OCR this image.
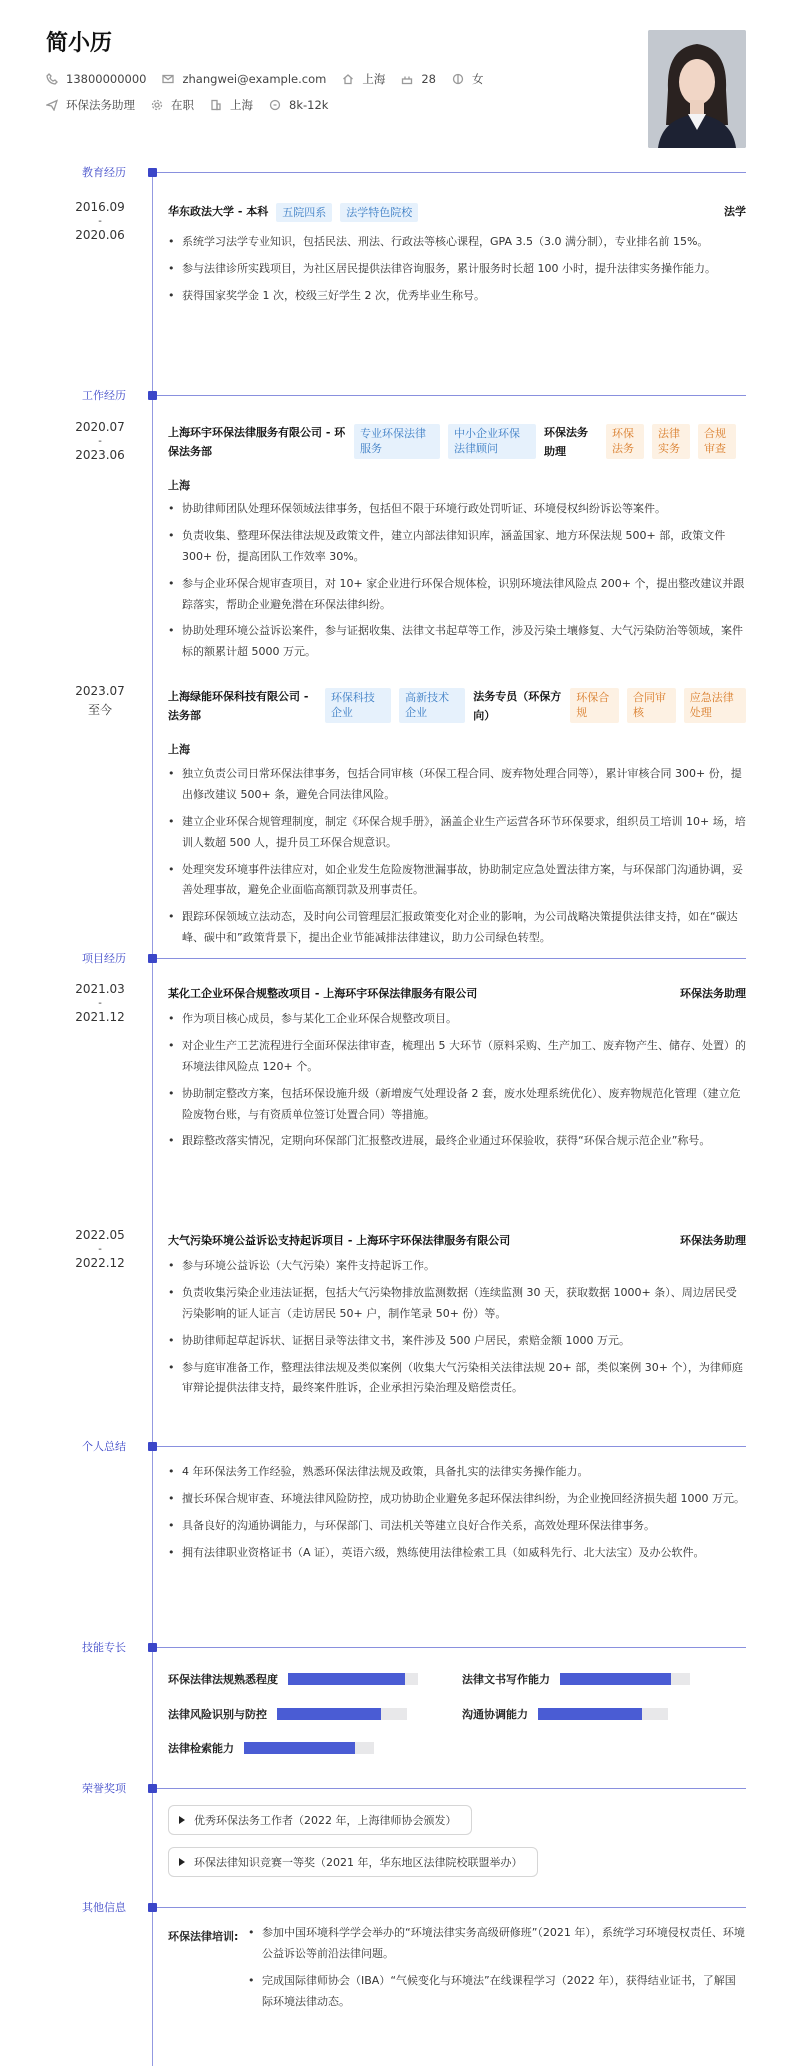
简小历
13800000000	zhangwei@example.com	上海	28	女
环保法务助理	在职	上海	8k-12k
教育经历
2016.09
-
2020.06
华东政法大学 - 本科	五院四系	法学特色院校	法学
• 系统学习法学专业知识，包括民法、刑法、行政法等核心课程，GPA 3.5（3.0 满分制），专业排名前 15%。
• 参与法律诊所实践项目，为社区居民提供法律咨询服务，累计服务时长超 100 小时，提升法律实务操作能力。
• 获得国家奖学金 1 次，校级三好学生 2 次，优秀毕业生称号。
工作经历
2020.07
-
2023.06
上海环宇环保法律服务有限公司 - 环保法务部
专业环保法律服务
中小企业环保法律顾问
环保法务助理
环保法务
法律实务
合规审查
上海
• 协助律师团队处理环保领域法律事务，包括但不限于环境行政处罚听证、环境侵权纠纷诉讼等案件。
• 负责收集、整理环保法律法规及政策文件，建立内部法律知识库，涵盖国家、地方环保法规 500+ 部，政策文件 300+ 份，提高团队工作效率 30%。
• 参与企业环保合规审查项目，对 10+ 家企业进行环保合规体检，识别环境法律风险点 200+ 个，提出整改建议并跟踪落实，帮助企业避免潜在环保法律纠纷。
• 协助处理环境公益诉讼案件，参与证据收集、法律文书起草等工作，涉及污染土壤修复、大气污染防治等领域，案件标的额累计超 5000 万元。
2023.07
至今
上海绿能环保科技有限公司 - 法务部
环保科技企业
高新技术企业
法务专员（环保方向）
环保合规
合同审核
应急法律处理
上海
• 独立负责公司日常环保法律事务，包括合同审核（环保工程合同、废弃物处理合同等），累计审核合同 300+ 份，提出修改建议 500+ 条，避免合同法律风险。
• 建立企业环保合规管理制度，制定《环保合规手册》，涵盖企业生产运营各环节环保要求，组织员工培训 10+ 场，培训人数超 500 人，提升员工环保合规意识。
• 处理突发环境事件法律应对，如企业发生危险废物泄漏事故，协助制定应急处置法律方案，与环保部门沟通协调，妥善处理事故，避免企业面临高额罚款及刑事责任。
• 跟踪环保领域立法动态，及时向公司管理层汇报政策变化对企业的影响，为公司战略决策提供法律支持，如在“碳达峰、碳中和”政策背景下，提出企业节能减排法律建议，助力公司绿色转型。
项目经历
2021.03
-
2021.12
某化工企业环保合规整改项目 - 上海环宇环保法律服务有限公司	环保法务助理
• 作为项目核心成员，参与某化工企业环保合规整改项目。
• 对企业生产工艺流程进行全面环保法律审查，梳理出 5 大环节（原料采购、生产加工、废弃物产生、储存、处置）的环境法律风险点 120+ 个。
• 协助制定整改方案，包括环保设施升级（新增废气处理设备 2 套，废水处理系统优化）、废弃物规范化管理（建立危险废物台账，与有资质单位签订处置合同）等措施。
• 跟踪整改落实情况，定期向环保部门汇报整改进展，最终企业通过环保验收，获得“环保合规示范企业”称号。
2022.05
-
2022.12
大气污染环境公益诉讼支持起诉项目 - 上海环宇环保法律服务有限公司	环保法务助理
• 参与环境公益诉讼（大气污染）案件支持起诉工作。
• 负责收集污染企业违法证据，包括大气污染物排放监测数据（连续监测 30 天，获取数据 1000+ 条）、周边居民受污染影响的证人证言（走访居民 50+ 户，制作笔录 50+ 份）等。
• 协助律师起草起诉状、证据目录等法律文书，案件涉及 500 户居民，索赔金额 1000 万元。
• 参与庭审准备工作，整理法律法规及类似案例（收集大气污染相关法律法规 20+ 部，类似案例 30+ 个），为律师庭审辩论提供法律支持，最终案件胜诉，企业承担污染治理及赔偿责任。
个人总结
• 4 年环保法务工作经验，熟悉环保法律法规及政策，具备扎实的法律实务操作能力。
• 擅长环保合规审查、环境法律风险防控，成功协助企业避免多起环保法律纠纷，为企业挽回经济损失超 1000 万元。
• 具备良好的沟通协调能力，与环保部门、司法机关等建立良好合作关系，高效处理环保法律事务。
• 拥有法律职业资格证书（A 证），英语六级，熟练使用法律检索工具（如威科先行、北大法宝）及办公软件。
技能专长
环保法律法规熟悉程度	法律文书写作能力
法律风险识别与防控	沟通协调能力
法律检索能力
荣誉奖项
优秀环保法务工作者（2022 年，上海律师协会颁发）
环保法律知识竞赛一等奖（2021 年，华东地区法律院校联盟举办）
其他信息
环保法律培训:
•	参加中国环境科学学会举办的“环境法律实务高级研修班”（2021 年），系统学习环境侵权责任、环境公益诉讼等前沿法律问题。
• 完成国际律师协会（IBA）“气候变化与环境法”在线课程学习（2022 年），获得结业证书，了解国际环境法律动态。
